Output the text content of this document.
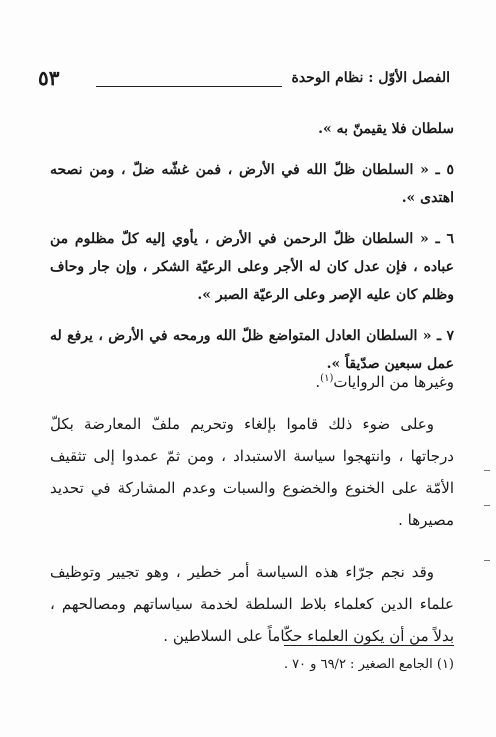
الفصل الأوّل : نظام الوحدة
٥٣

سلطان فلا يقيمنّ به ».

٥ ـ « السلطان ظلّ الله في الأرض ، فمن غشّه ضلّ ، ومن نصحه اهتدى ».

٦ ـ « السلطان ظلّ الرحمن في الأرض ، يأوي إليه كلّ مظلوم من عباده ، فإن عدل كان له الأجر وعلى الرعيّة الشكر ، وإن جار وحاف وظلم كان عليه الإصر وعلى الرعيّة الصبر ».

٧ ـ « السلطان العادل المتواضع ظلّ الله ورمحه في الأرض ، يرفع له عمل سبعين صدّيقاً ».

وغيرها من الروايات$^{(١)}$.

وعلى ضوء ذلك قاموا بإلغاء وتحريم ملفّ المعارضة بكلّ درجاتها ، وانتهجوا سياسة الاستبداد ، ومن ثمّ عمدوا إلى تثقيف الأمّة على الخنوع والخضوع والسبات وعدم المشاركة في تحديد مصيرها .

وقد نجم جرّاء هذه السياسة أمر خطير ، وهو تجيير وتوظيف علماء الدين كعلماء بلاط السلطة لخدمة سياساتهم ومصالحهم ، بدلاً من أن يكون العلماء حكّاماً على السلاطين .

(١) الجامع الصغير : ٦٩/٢ و ٧٠ .
